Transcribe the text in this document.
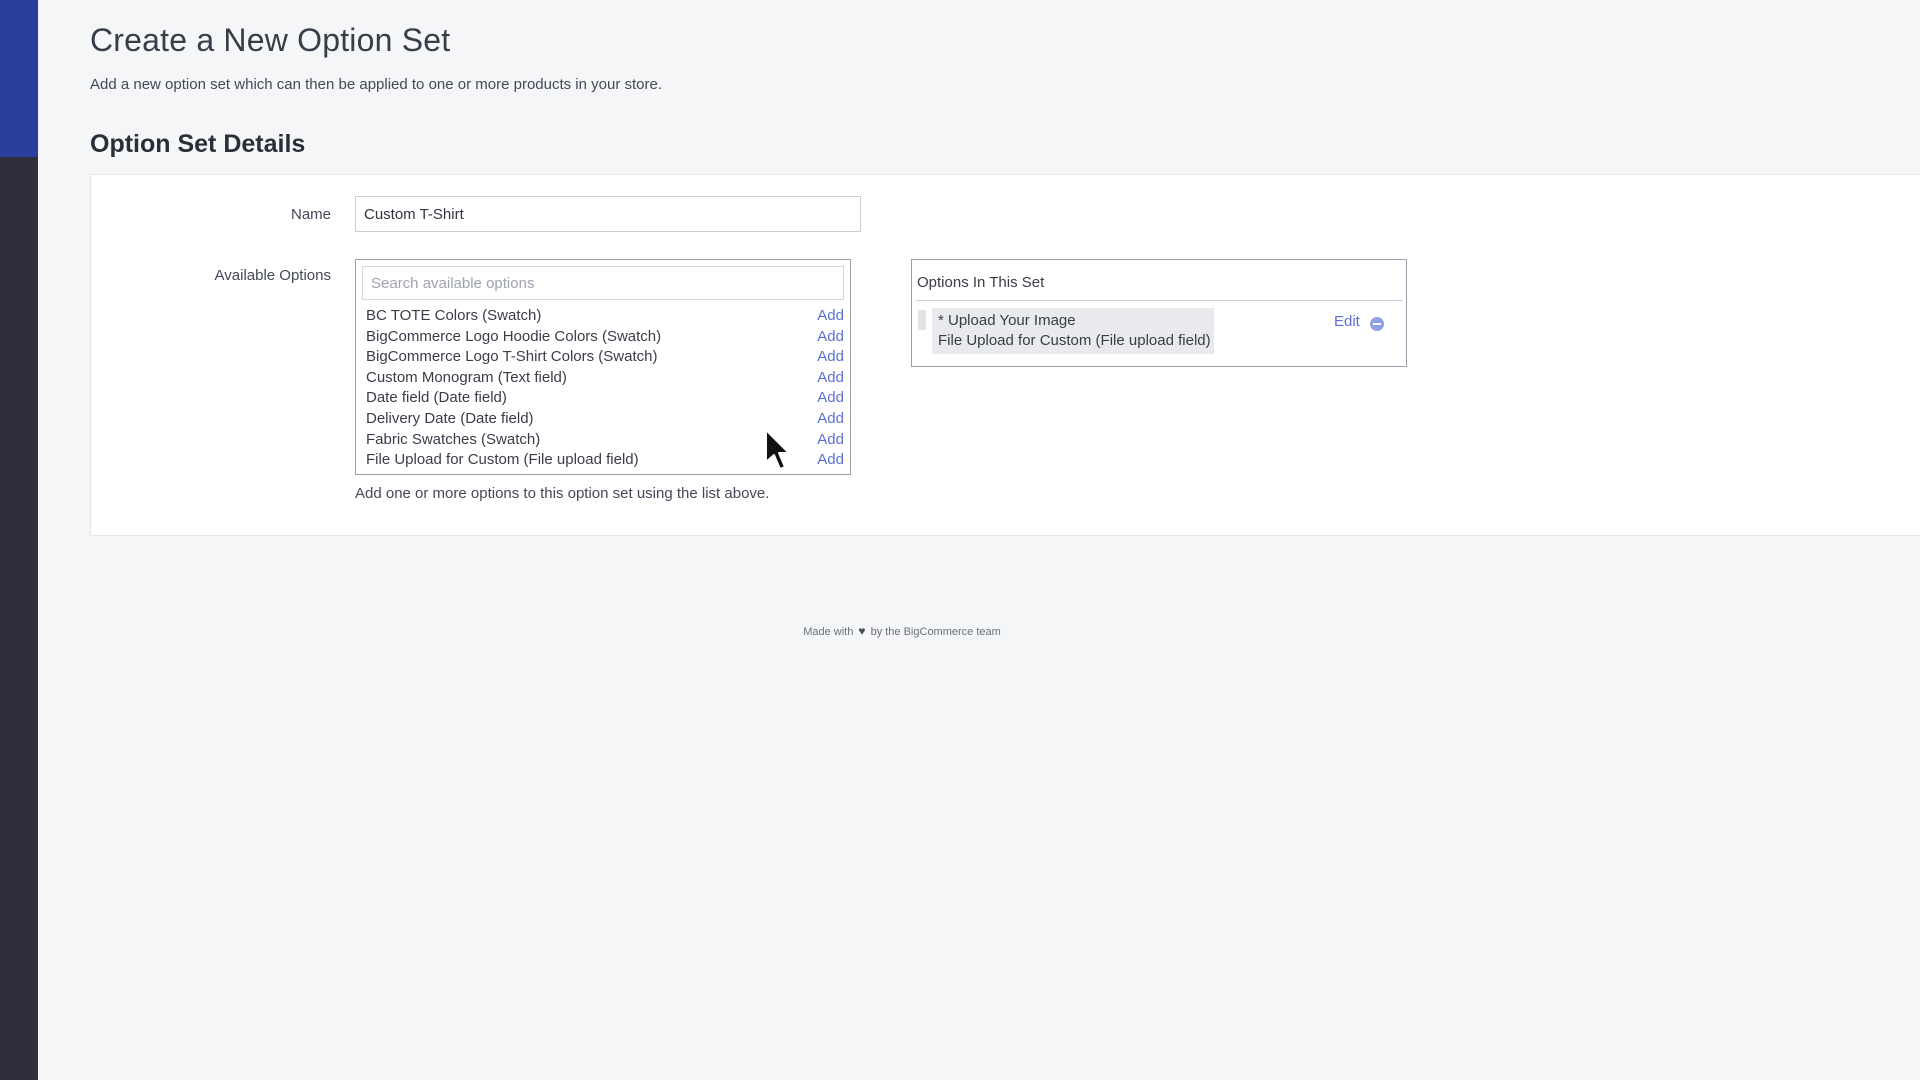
Create a New Option Set
Add a new option set which can then be applied to one or more products in your store.
Option Set Details
Name
Custom T-Shirt
Available Options
Search available options
BC TOTE Colors (Swatch)	Add
BigCommerce Logo Hoodie Colors (Swatch)	Add
BigCommerce Logo T-Shirt Colors (Swatch)	Add
Custom Monogram (Text field)	Add
Date field (Date field)	Add
Delivery Date (Date field)	Add
Fabric Swatches (Swatch)	Add
File Upload for Custom (File upload field)	Add
Options In This Set
* Upload Your Image
File Upload for Custom (File upload field)
Edit
Add one or more options to this option set using the list above.
Made with ♥ by the BigCommerce team
